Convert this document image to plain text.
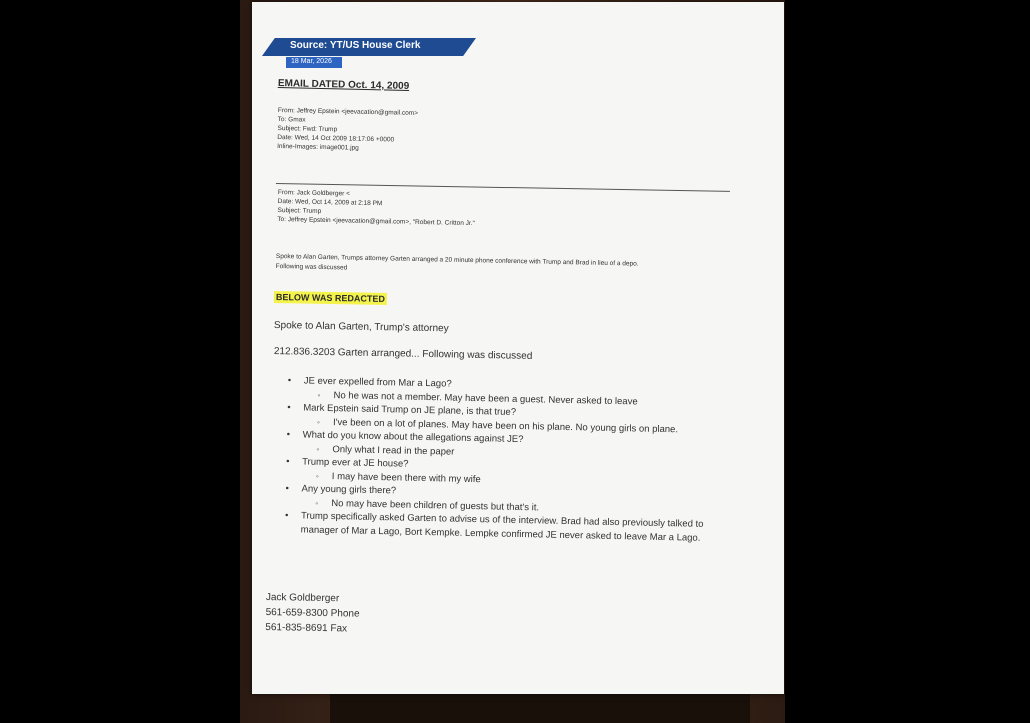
Source: YT/US House Clerk
18 Mar, 2026
EMAIL DATED Oct. 14, 2009
From: Jeffrey Epstein <jeevacation@gmail.com>
To: Gmax
Subject: Fwd: Trump
Date: Wed, 14 Oct 2009 18:17:06 +0000
Inline-Images: image001.jpg
From: Jack Goldberger <
Date: Wed, Oct 14, 2009 at 2:18 PM
Subject: Trump
To: Jeffrey Epstein <jeevacation@gmail.com>, "Robert D. Critton Jr."
Spoke to Alan Garten, Trumps attorney Garten arranged a 20 minute phone conference with Trump and Brad in lieu of a depo. Following was discussed
BELOW WAS REDACTED
Spoke to Alan Garten, Trump's attorney
212.836.3203 Garten arranged... Following was discussed
• JE ever expelled from Mar a Lago?
◦ No he was not a member. May have been a guest. Never asked to leave
• Mark Epstein said Trump on JE plane, is that true?
◦ I've been on a lot of planes. May have been on his plane. No young girls on plane.
• What do you know about the allegations against JE?
◦ Only what I read in the paper
• Trump ever at JE house?
◦ I may have been there with my wife
• Any young girls there?
◦ No may have been children of guests but that's it.
• Trump specifically asked Garten to advise us of the interview. Brad had also previously talked to manager of Mar a Lago, Bort Kempke. Lempke confirmed JE never asked to leave Mar a Lago.
Jack Goldberger
561-659-8300 Phone
561-835-8691 Fax
